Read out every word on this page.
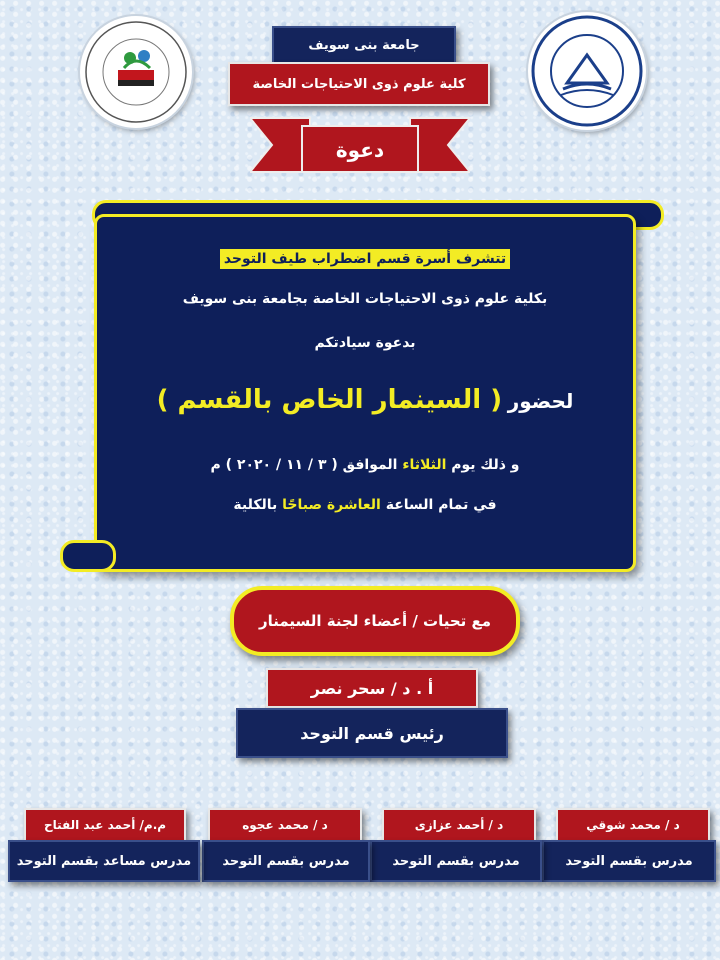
جامعة بنى سويف
كلية علوم ذوى الاحتياجات الخاصة
دعوة
تتشرف أسرة قسم اضطراب طيف التوحد
بكلية علوم ذوى الاحتياجات الخاصة بجامعة بنى سويف
بدعوة سيادتكم
لحضور ( السينمار الخاص بالقسم )
و ذلك يوم الثلاثاء الموافق ( ٣ / ١١ / ٢٠٢٠ ) م
في تمام الساعة العاشرة صباحًا بالكلية
مع تحيات / أعضاء لجنة السيمنار
أ . د / سحر نصر
رئيس قسم التوحد
د / محمد شوقي
مدرس بقسم التوحد
د / أحمد عزازى
مدرس بقسم التوحد
د / محمد عجوه
مدرس بقسم التوحد
م.م/ أحمد عبد الفتاح
مدرس مساعد بقسم التوحد
